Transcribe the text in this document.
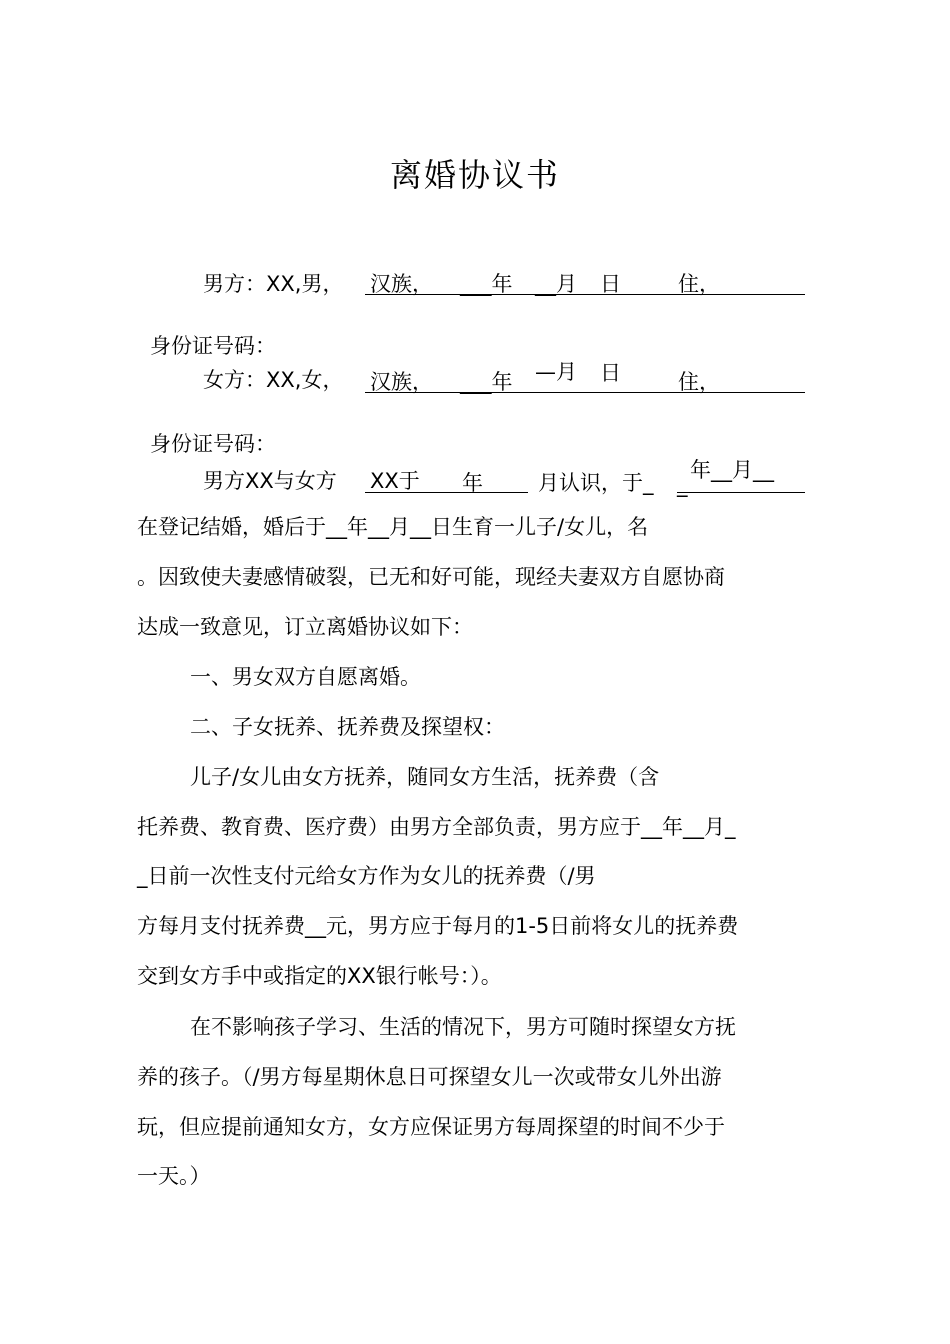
离婚协议书
男方：XX,男， 汉族， ___年 __月 日	住，
身份证号码：
女方：XX,女， 汉族， ___年 —月 日	住，
身份证号码：
男方XX与女方 XX于 年	月认识，于_ _
年__月__
在登记结婚，婚后于__年__月__日生育一儿子/女儿，名
。因致使夫妻感情破裂，已无和好可能，现经夫妻双方自愿协商
达成一致意见，订立离婚协议如下：
一、男女双方自愿离婚。
二、子女抚养、抚养费及探望权：
儿子/女儿由女方抚养，随同女方生活，抚养费（含
托养费、教育费、医疗费）由男方全部负责，男方应于__年__月_
_日前一次性支付元给女方作为女儿的抚养费（/男
方每月支付抚养费__元，男方应于每月的1-5日前将女儿的抚养费
交到女方手中或指定的XX银行帐号：）。
在不影响孩子学习、生活的情况下，男方可随时探望女方抚
养的孩子。（/男方每星期休息日可探望女儿一次或带女儿外出游
玩，但应提前通知女方，女方应保证男方每周探望的时间不少于
一天。）
